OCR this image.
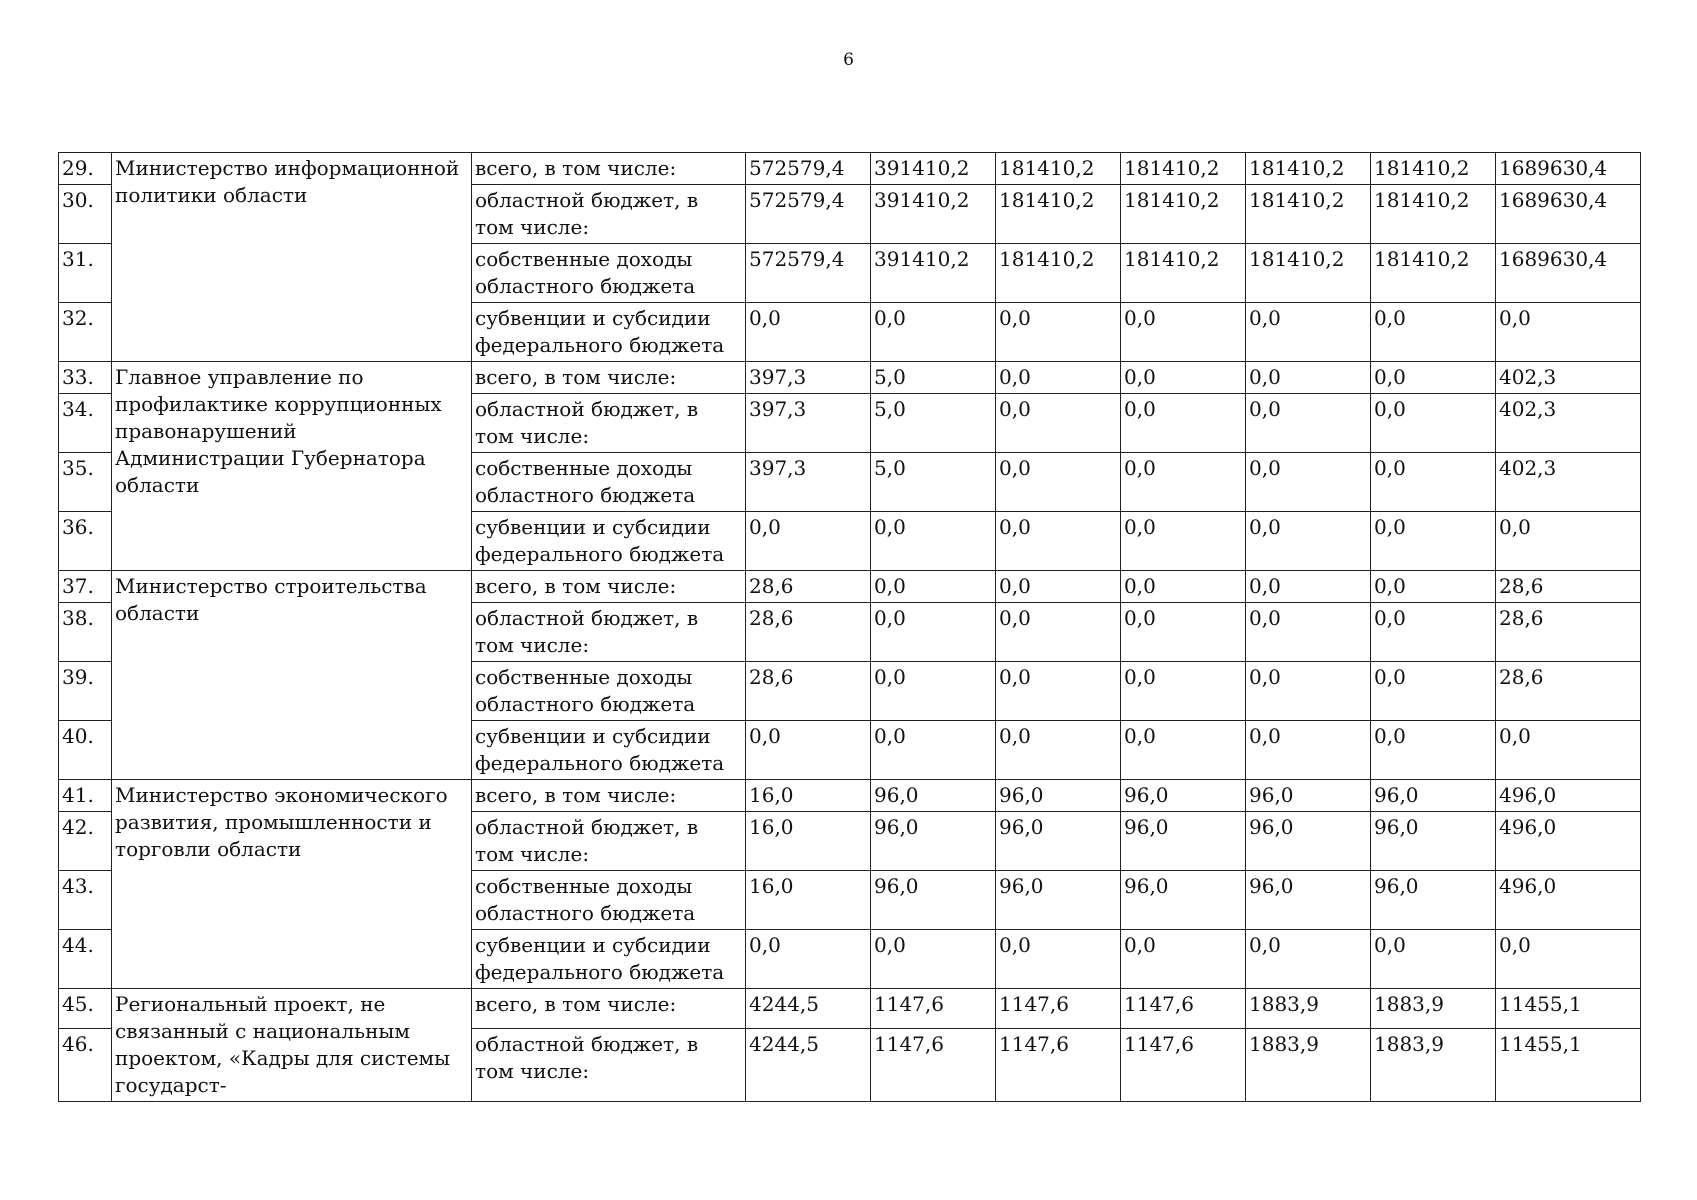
6
29.	Министерство информационной политики области	всего, в том числе:	572579,4	391410,2	181410,2	181410,2	181410,2	181410,2	1689630,4
30.		областной бюджет, в том числе:	572579,4	391410,2	181410,2	181410,2	181410,2	181410,2	1689630,4
31.		собственные доходы областного бюджета	572579,4	391410,2	181410,2	181410,2	181410,2	181410,2	1689630,4
32.		субвенции и субсидии федерального бюджета	0,0	0,0	0,0	0,0	0,0	0,0	0,0
33.	Главное управление по профилактике коррупционных правонарушений Администрации Губернатора области	всего, в том числе:	397,3	5,0	0,0	0,0	0,0	0,0	402,3
34.		областной бюджет, в том числе:	397,3	5,0	0,0	0,0	0,0	0,0	402,3
35.		собственные доходы областного бюджета	397,3	5,0	0,0	0,0	0,0	0,0	402,3
36.		субвенции и субсидии федерального бюджета	0,0	0,0	0,0	0,0	0,0	0,0	0,0
37.	Министерство строительства области	всего, в том числе:	28,6	0,0	0,0	0,0	0,0	0,0	28,6
38.		областной бюджет, в том числе:	28,6	0,0	0,0	0,0	0,0	0,0	28,6
39.		собственные доходы областного бюджета	28,6	0,0	0,0	0,0	0,0	0,0	28,6
40.		субвенции и субсидии федерального бюджета	0,0	0,0	0,0	0,0	0,0	0,0	0,0
41.	Министерство экономического развития, промышленности и торговли области	всего, в том числе:	16,0	96,0	96,0	96,0	96,0	96,0	496,0
42.		областной бюджет, в том числе:	16,0	96,0	96,0	96,0	96,0	96,0	496,0
43.		собственные доходы областного бюджета	16,0	96,0	96,0	96,0	96,0	96,0	496,0
44.		субвенции и субсидии федерального бюджета	0,0	0,0	0,0	0,0	0,0	0,0	0,0
45.	Региональный проект, не связанный с национальным проектом, «Кадры для системы государст-	всего, в том числе:	4244,5	1147,6	1147,6	1147,6	1883,9	1883,9	11455,1
46.		областной бюджет, в том числе:	4244,5	1147,6	1147,6	1147,6	1883,9	1883,9	11455,1
